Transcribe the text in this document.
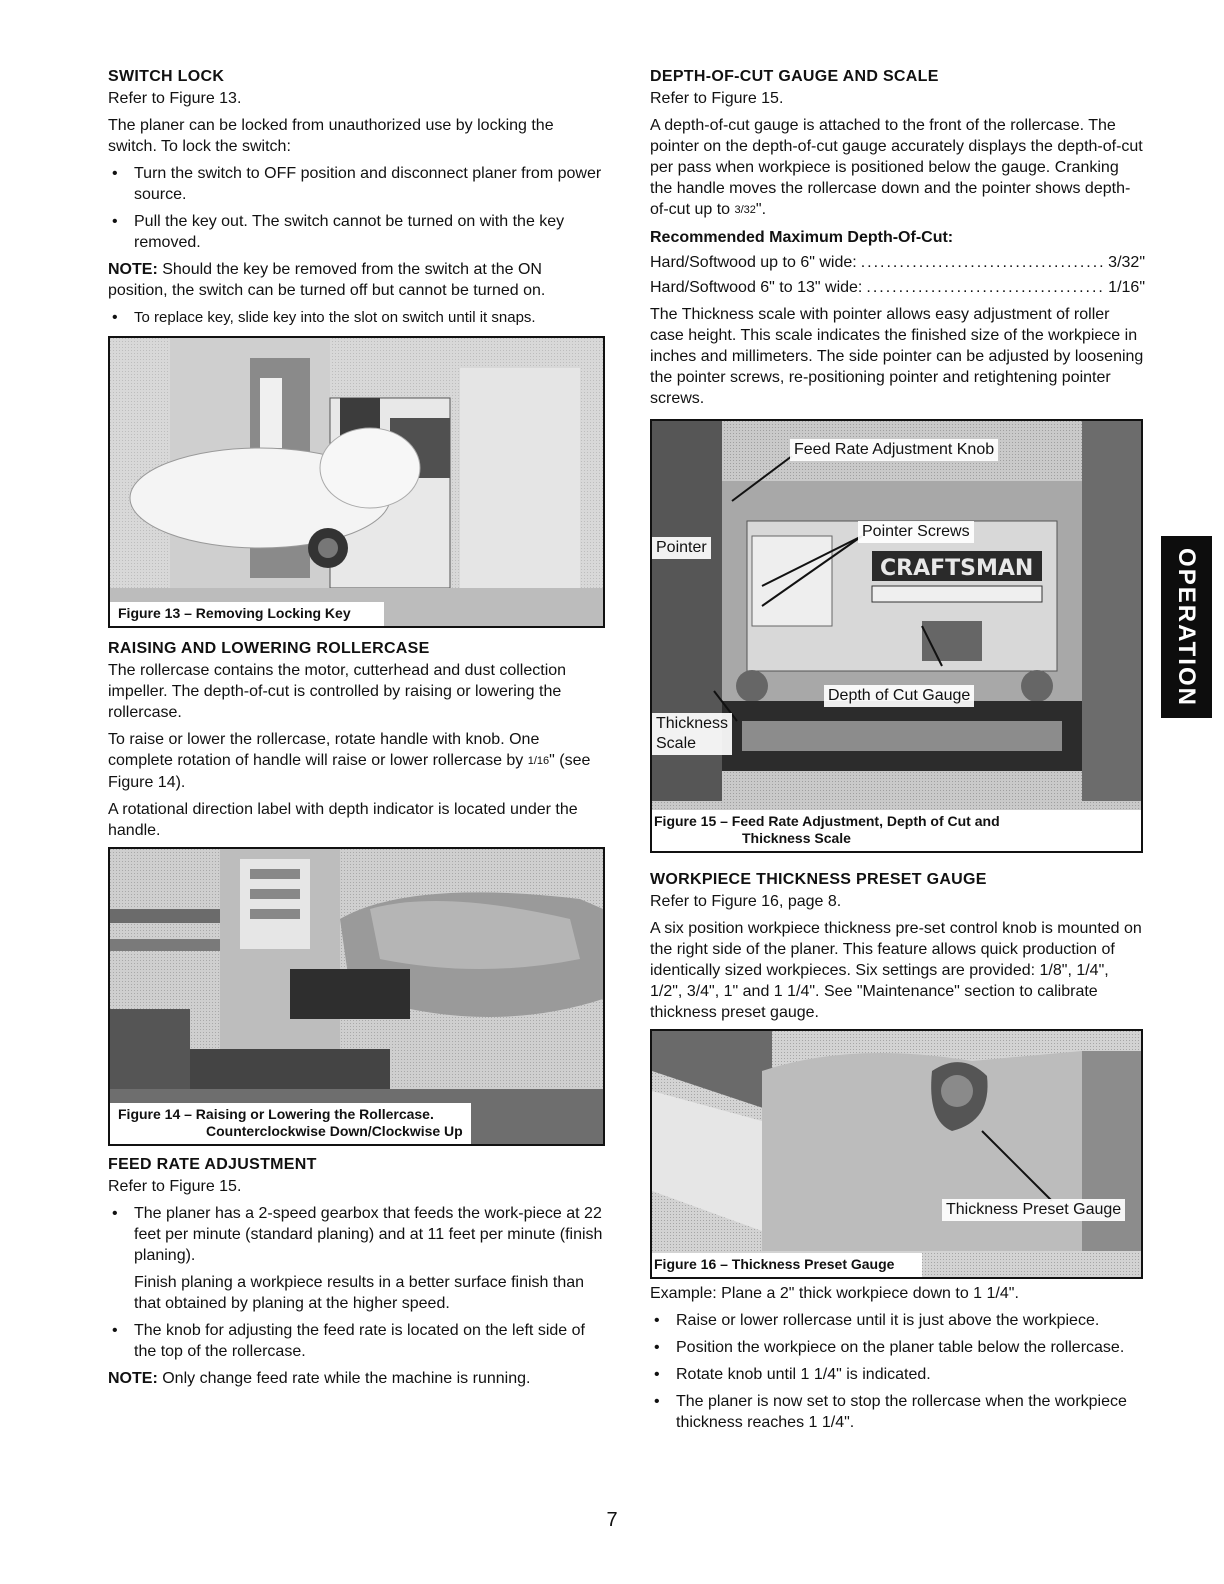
SWITCH LOCK

Refer to Figure 13.

The planer can be locked from unauthorized use by locking the switch. To lock the switch:

• Turn the switch to OFF position and disconnect planer from power source.
• Pull the key out. The switch cannot be turned on with the key removed.

NOTE: Should the key be removed from the switch at the ON position, the switch can be turned off but cannot be turned on.

• To replace key, slide key into the slot on switch until it snaps.
Figure 13 – Removing Locking Key
RAISING AND LOWERING ROLLERCASE

The rollercase contains the motor, cutterhead and dust collection impeller. The depth-of-cut is controlled by raising or lowering the rollercase.

To raise or lower the rollercase, rotate handle with knob. One complete rotation of handle will raise or lower rollercase by 1/16" (see Figure 14).

A rotational direction label with depth indicator is located under the handle.

Figure 14 – Raising or Lowering the Rollercase.
Counterclockwise Down/Clockwise Up
FEED RATE ADJUSTMENT

Refer to Figure 15.

• The planer has a 2-speed gearbox that feeds the work-piece at 22 feet per minute (standard planing) and at 11 feet per minute (finish planing).

Finish planing a workpiece results in a better surface finish than that obtained by planing at the higher speed.

• The knob for adjusting the feed rate is located on the left side of the top of the rollercase.

NOTE: Only change feed rate while the machine is running.

DEPTH-OF-CUT GAUGE AND SCALE

Refer to Figure 15.

A depth-of-cut gauge is attached to the front of the rollercase. The pointer on the depth-of-cut gauge accurately displays the depth-of-cut per pass when workpiece is positioned below the gauge. Cranking the handle moves the rollercase down and the pointer shows depth-of-cut up to 3/32".

Recommended Maximum Depth-Of-Cut:

Hard/Softwood up to 6" wide: .....	3/32"
Hard/Softwood 6" to 13" wide: .....	1/16"

The Thickness scale with pointer allows easy adjustment of roller case height. This scale indicates the finished size of the workpiece in inches and millimeters. The side pointer can be adjusted by loosening the pointer screws, re-positioning pointer and retightening pointer screws.

CRAFTSMAN
Feed Rate Adjustment Knob
Pointer Screws
Pointer
Depth of Cut Gauge
Thickness
Scale
Figure 15 – Feed Rate Adjustment, Depth of Cut and
Thickness Scale
WORKPIECE THICKNESS PRESET GAUGE

Refer to Figure 16, page 8.

A six position workpiece thickness pre-set control knob is mounted on the right side of the planer. This feature allows quick production of identically sized workpieces. Six settings are provided: 1/8", 1/4", 1/2", 3/4", 1" and 1 1/4". See "Maintenance" section to calibrate thickness preset gauge.

Thickness Preset Gauge
Figure 16 – Thickness Preset Gauge

Example: Plane a 2" thick workpiece down to 1 1/4".

• Raise or lower rollercase until it is just above the workpiece.
• Position the workpiece on the planer table below the rollercase.
• Rotate knob until 1 1/4" is indicated.
• The planer is now set to stop the rollercase when the workpiece thickness reaches 1 1/4".
OPERATION
7
